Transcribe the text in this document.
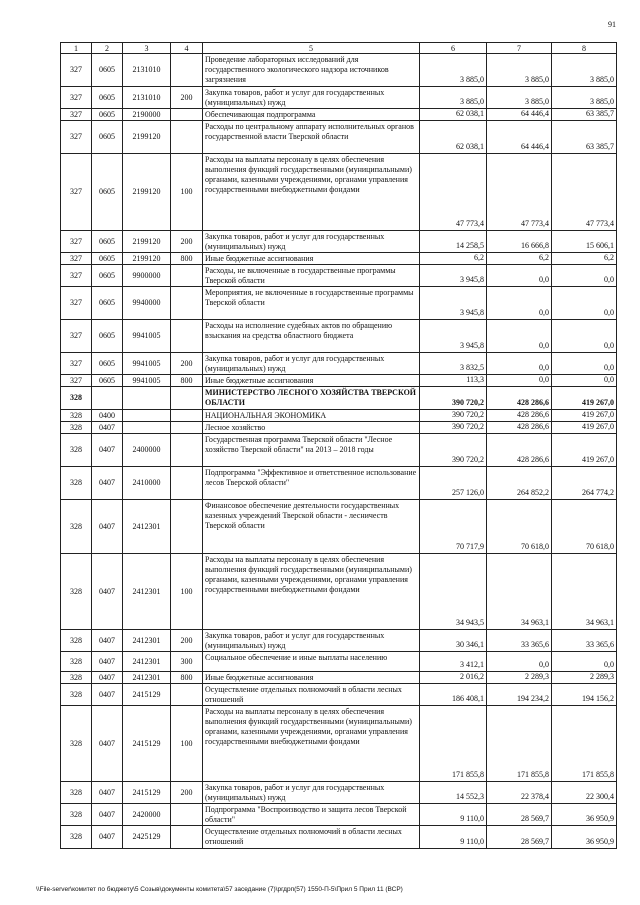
91
1	2	3	4	5	6	7	8
327	0605	2131010		Проведение лабораторных исследований для государственного экологического надзора источников загрязнения	3 885,0	3 885,0	3 885,0
327	0605	2131010	200	Закупка товаров, работ и услуг для государственных (муниципальных) нужд	3 885,0	3 885,0	3 885,0
327	0605	2190000		Обеспечивающая подпрограмма	62 038,1	64 446,4	63 385,7
327	0605	2199120		Расходы по центральному аппарату исполнительных органов государственной власти Тверской области	62 038,1	64 446,4	63 385,7
327	0605	2199120	100	Расходы на выплаты персоналу в целях обеспечения выполнения функций государственными (муниципальными) органами, казенными учреждениями, органами управления государственными внебюджетными фондами	47 773,4	47 773,4	47 773,4
327	0605	2199120	200	Закупка товаров, работ и услуг для государственных (муниципальных) нужд	14 258,5	16 666,8	15 606,1
327	0605	2199120	800	Иные бюджетные ассигнования	6,2	6,2	6,2
327	0605	9900000		Расходы, не включенные в государственные программы Тверской области	3 945,8	0,0	0,0
327	0605	9940000		Мероприятия, не включенные в государственные программы Тверской области	3 945,8	0,0	0,0
327	0605	9941005		Расходы на исполнение судебных актов по обращению взыскания на средства областного бюджета	3 945,8	0,0	0,0
327	0605	9941005	200	Закупка товаров, работ и услуг для государственных (муниципальных) нужд	3 832,5	0,0	0,0
327	0605	9941005	800	Иные бюджетные ассигнования	113,3	0,0	0,0
328				МИНИСТЕРСТВО ЛЕСНОГО ХОЗЯЙСТВА ТВЕРСКОЙ ОБЛАСТИ	390 720,2	428 286,6	419 267,0
328	0400			НАЦИОНАЛЬНАЯ ЭКОНОМИКА	390 720,2	428 286,6	419 267,0
328	0407			Лесное хозяйство	390 720,2	428 286,6	419 267,0
328	0407	2400000		Государственная программа Тверской области "Лесное хозяйство Тверской области" на 2013 – 2018 годы	390 720,2	428 286,6	419 267,0
328	0407	2410000		Подпрограмма "Эффективное и ответственное использование лесов Тверской области"	257 126,0	264 852,2	264 774,2
328	0407	2412301		Финансовое обеспечение деятельности государственных казенных учреждений Тверской области - лесничеств Тверской области	70 717,9	70 618,0	70 618,0
328	0407	2412301	100	Расходы на выплаты персоналу в целях обеспечения выполнения функций государственными (муниципальными) органами, казенными учреждениями, органами управления государственными внебюджетными фондами	34 943,5	34 963,1	34 963,1
328	0407	2412301	200	Закупка товаров, работ и услуг для государственных (муниципальных) нужд	30 346,1	33 365,6	33 365,6
328	0407	2412301	300	Социальное обеспечение и иные выплаты населению	3 412,1	0,0	0,0
328	0407	2412301	800	Иные бюджетные ассигнования	2 016,2	2 289,3	2 289,3
328	0407	2415129		Осуществление отдельных полномочий в области лесных отношений	186 408,1	194 234,2	194 156,2
328	0407	2415129	100	Расходы на выплаты персоналу в целях обеспечения выполнения функций государственными (муниципальными) органами, казенными учреждениями, органами управления государственными внебюджетными фондами	171 855,8	171 855,8	171 855,8
328	0407	2415129	200	Закупка товаров, работ и услуг для государственных (муниципальных) нужд	14 552,3	22 378,4	22 300,4
328	0407	2420000		Подпрограмма "Воспроизводство и защита лесов Тверской области"	9 110,0	28 569,7	36 950,9
328	0407	2425129		Осуществление отдельных полномочий в области лесных отношений	9 110,0	28 569,7	36 950,9
\\File-server\комитет по бюджету\5 Созыв\документы комитета\57 заседание (7)\ргдрп(57) 1550-П-5\Прил 5 Прил 11 (ВСР)
